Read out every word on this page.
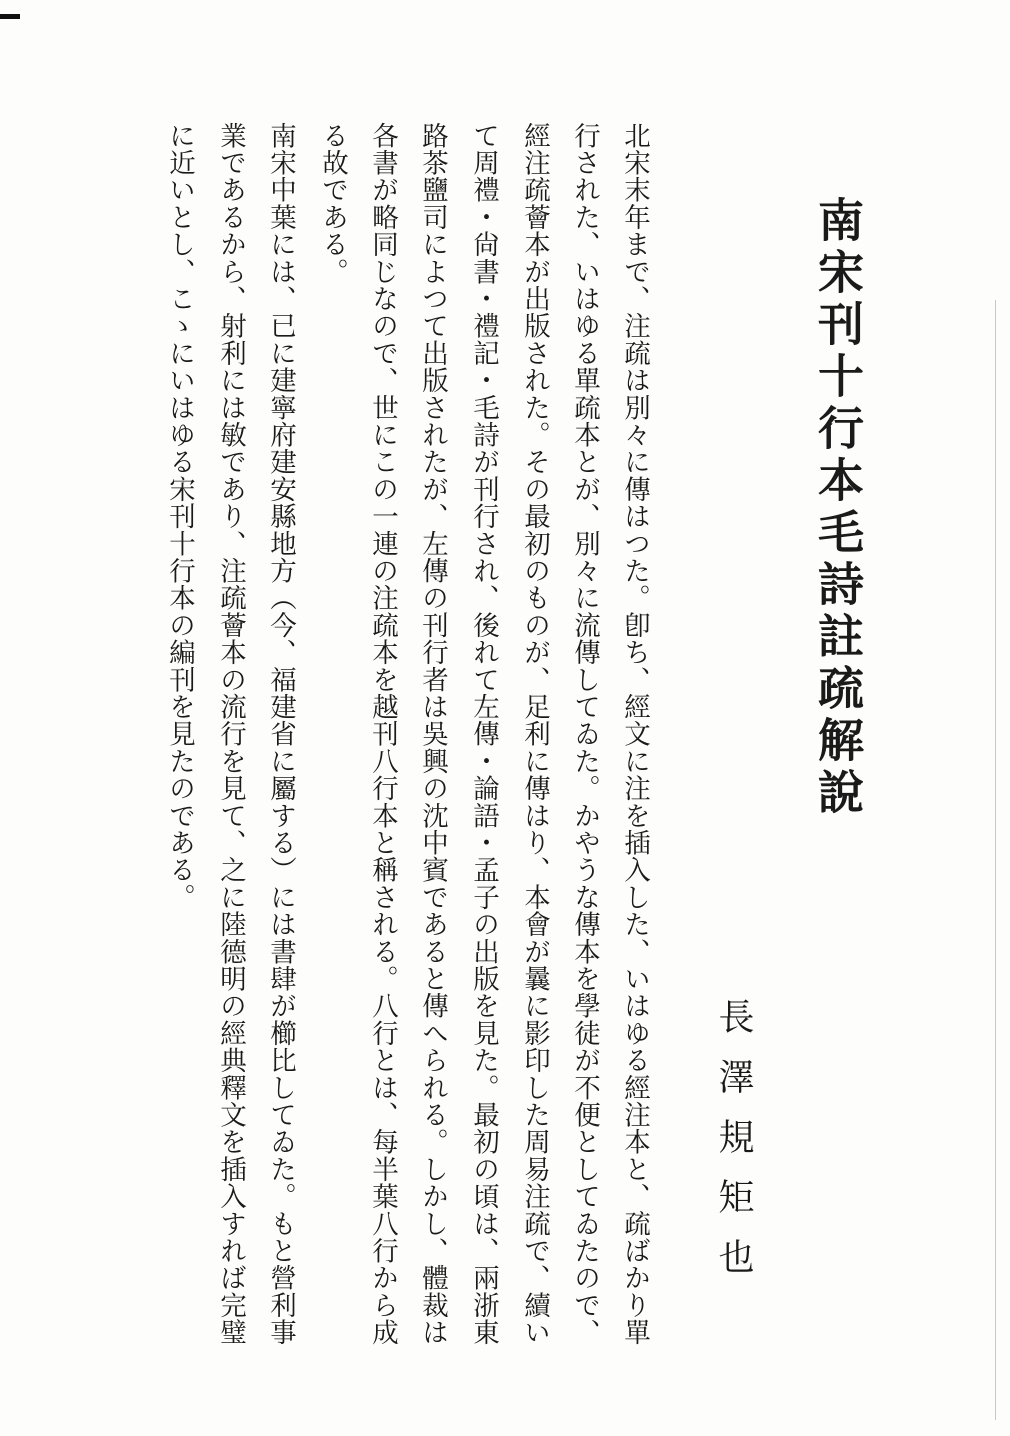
南宋刊十行本毛詩註疏解說
長澤規矩也

北宋末年まで、注疏は別々に傳はつた。卽ち、經文に注を插入した、いはゆる經注本と、疏ばかり單

行された、いはゆる單疏本とが、別々に流傳してゐた。かやうな傳本を學徒が不便としてゐたので、

經注疏薈本が出版された。その最初のものが、足利に傳はり、本會が曩に影印した周易注疏で、續い

て周禮・尙書・禮記・毛詩が刊行され、後れて左傳・論語・孟子の出版を見た。最初の頃は、兩浙東

路茶鹽司によつて出版されたが、左傳の刊行者は吳興の沈中賓であると傳へられる。しかし、體裁は

各書が略同じなので、世にこの一連の注疏本を越刊八行本と稱される。八行とは、每半葉八行から成

る故である。

南宋中葉には、已に建寧府建安縣地方（今、福建省に屬する）には書肆が櫛比してゐた。もと營利事

業であるから、射利には敏であり、注疏薈本の流行を見て、之に陸德明の經典釋文を插入すれば完璧

に近いとし、こゝにいはゆる宋刊十行本の編刊を見たのである。
